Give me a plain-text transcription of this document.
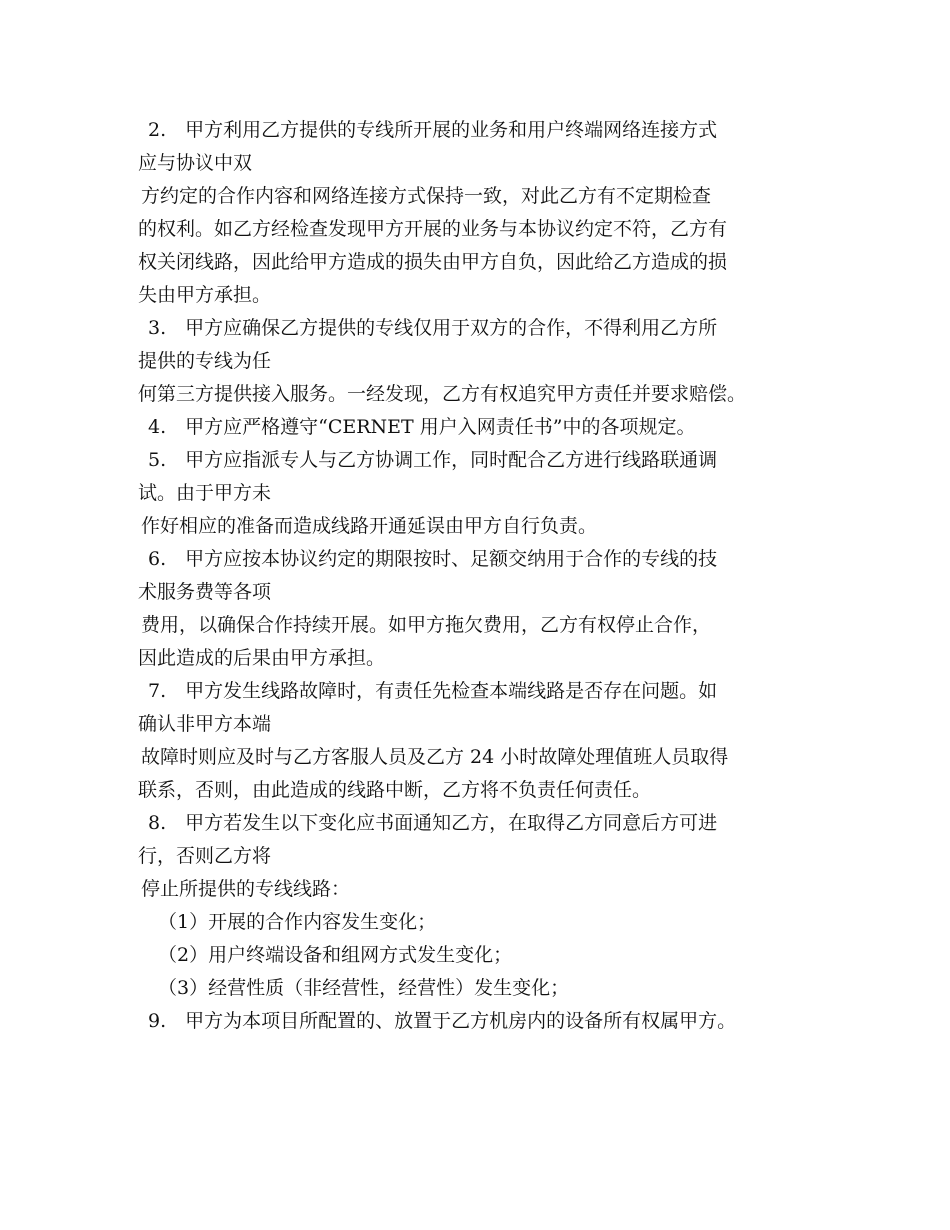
2.　甲方利用乙方提供的专线所开展的业务和用户终端网络连接方式
应与协议中双
方约定的合作内容和网络连接方式保持一致，对此乙方有不定期检查
的权利。如乙方经检查发现甲方开展的业务与本协议约定不符，乙方有
权关闭线路，因此给甲方造成的损失由甲方自负，因此给乙方造成的损
失由甲方承担。
3.　甲方应确保乙方提供的专线仅用于双方的合作，不得利用乙方所
提供的专线为任
何第三方提供接入服务。一经发现，乙方有权追究甲方责任并要求赔偿。
4.　甲方应严格遵守“CERNET 用户入网责任书”中的各项规定。
5.　甲方应指派专人与乙方协调工作，同时配合乙方进行线路联通调
试。由于甲方未
作好相应的准备而造成线路开通延误由甲方自行负责。
6.　甲方应按本协议约定的期限按时、足额交纳用于合作的专线的技
术服务费等各项
费用，以确保合作持续开展。如甲方拖欠费用，乙方有权停止合作，
因此造成的后果由甲方承担。
7.　甲方发生线路故障时，有责任先检查本端线路是否存在问题。如
确认非甲方本端
故障时则应及时与乙方客服人员及乙方 24 小时故障处理值班人员取得
联系，否则，由此造成的线路中断，乙方将不负责任何责任。
8.　甲方若发生以下变化应书面通知乙方，在取得乙方同意后方可进
行，否则乙方将
停止所提供的专线线路：
（1）开展的合作内容发生变化；
（2）用户终端设备和组网方式发生变化；
（3）经营性质（非经营性，经营性）发生变化；
9.　甲方为本项目所配置的、放置于乙方机房内的设备所有权属甲方。
